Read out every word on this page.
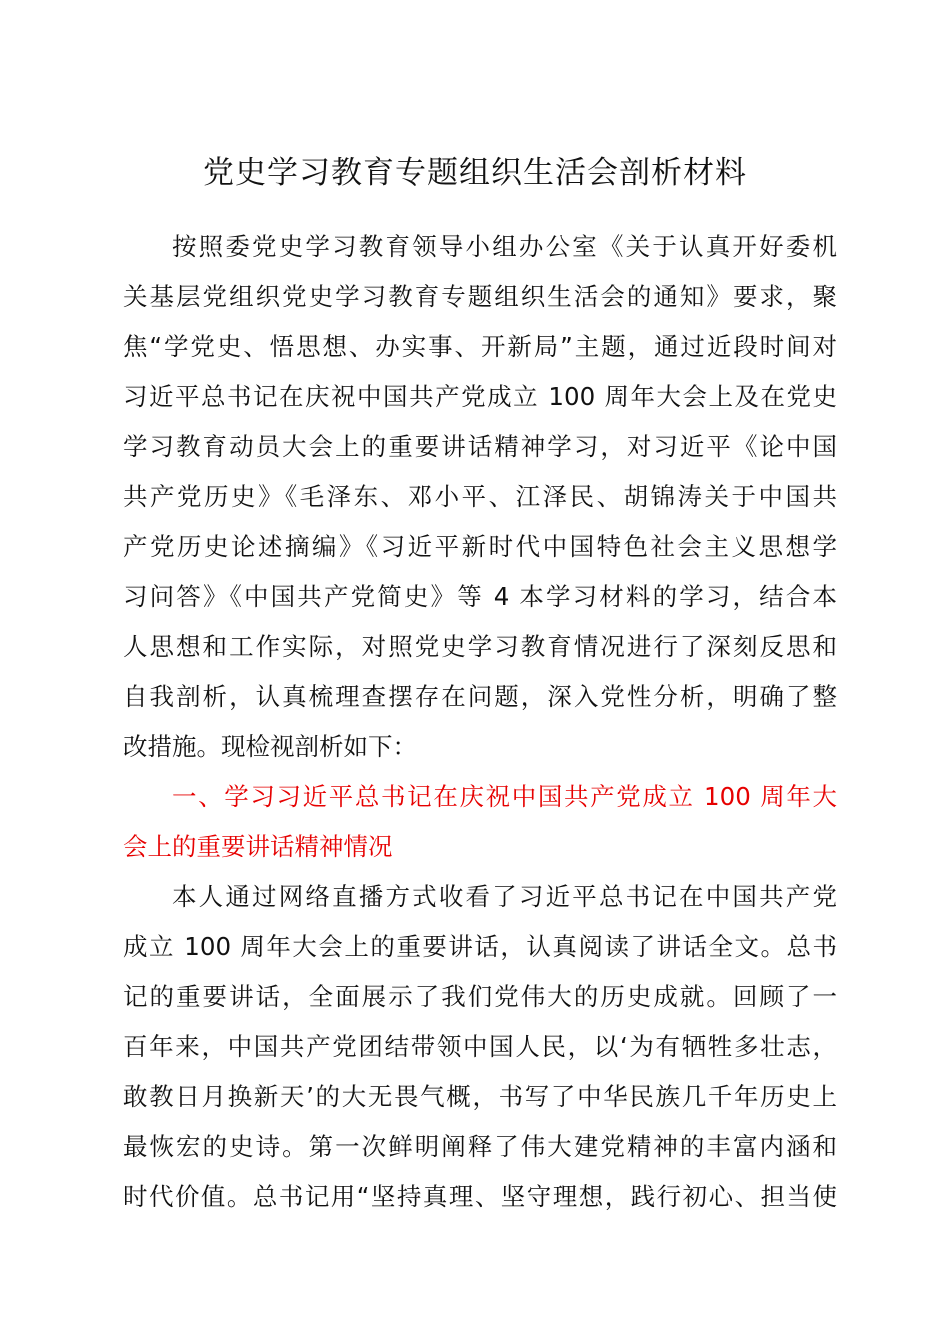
党史学习教育专题组织生活会剖析材料
按照委党史学习教育领导小组办公室《关于认真开好委机
关基层党组织党史学习教育专题组织生活会的通知》要求，聚
焦“学党史、悟思想、办实事、开新局”主题，通过近段时间对
习近平总书记在庆祝中国共产党成立 100 周年大会上及在党史
学习教育动员大会上的重要讲话精神学习，对习近平《论中国
共产党历史》《毛泽东、邓小平、江泽民、胡锦涛关于中国共
产党历史论述摘编》《习近平新时代中国特色社会主义思想学
习问答》《中国共产党简史》等 4 本学习材料的学习，结合本
人思想和工作实际，对照党史学习教育情况进行了深刻反思和
自我剖析，认真梳理查摆存在问题，深入党性分析，明确了整
改措施。现检视剖析如下：
一、学习习近平总书记在庆祝中国共产党成立 100 周年大
会上的重要讲话精神情况
本人通过网络直播方式收看了习近平总书记在中国共产党
成立 100 周年大会上的重要讲话，认真阅读了讲话全文。总书
记的重要讲话，全面展示了我们党伟大的历史成就。回顾了一
百年来，中国共产党团结带领中国人民，以‘为有牺牲多壮志，
敢教日月换新天’的大无畏气概，书写了中华民族几千年历史上
最恢宏的史诗。第一次鲜明阐释了伟大建党精神的丰富内涵和
时代价值。总书记用“坚持真理、坚守理想，践行初心、担当使
